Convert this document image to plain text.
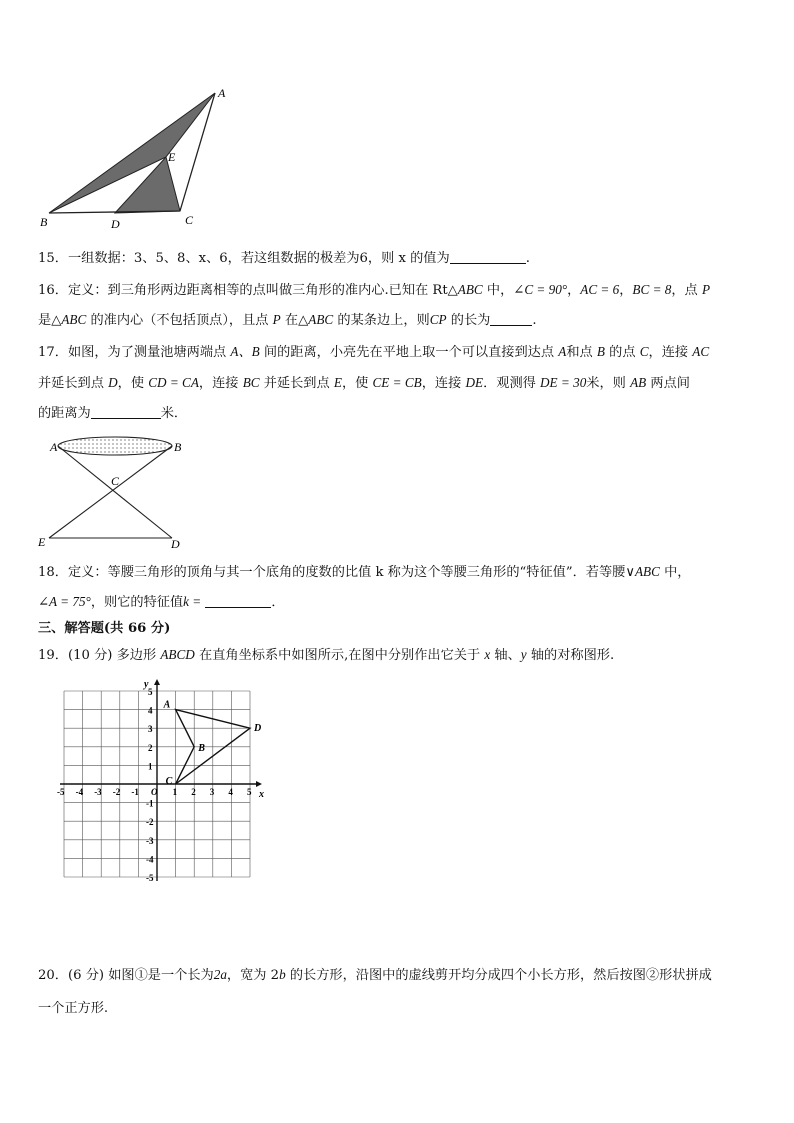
A
E
B	D	C
15．一组数据：3、5、8、x、6，若这组数据的极差为6，则 x 的值为	.
16．定义：到三角形两边距离相等的点叫做三角形的准内心.已知在 Rt△ABC 中，∠C = 90°，AC = 6，BC = 8，点 P
是△ABC 的准内心（不包括顶点），且点 P 在△ABC 的某条边上，则CP 的长为	.
17．如图，为了测量池塘两端点 A、B 间的距离，小亮先在平地上取一个可以直接到达点 A和点 B 的点 C，连接 AC
并延长到点 D，使 CD = CA，连接 BC 并延长到点 E，使 CE = CB，连接 DE．观测得 DE = 30米，则 AB 两点间
的距离为	米．
A	B
C
E	D
18．定义：等腰三角形的顶角与其一个底角的度数的比值 k 称为这个等腰三角形的“特征值”．若等腰∨ABC 中，
∠A = 75°，则它的特征值k =	．
三、解答题(共 66 分)
19．(10 分) 多边形 ABCD 在直角坐标系中如图所示,在图中分别作出它关于 x 轴、y 轴的对称图形.
x
y
-5 -4 -3 -2 -1 O 1 2 3 4 5
5
4
3
2
1
-1
-2
-3
-4
-5
A
B
C
D
20．(6 分) 如图①是一个长为2a，宽为 2b 的长方形，沿图中的虚线剪开均分成四个小长方形，然后按图②形状拼成
一个正方形.
